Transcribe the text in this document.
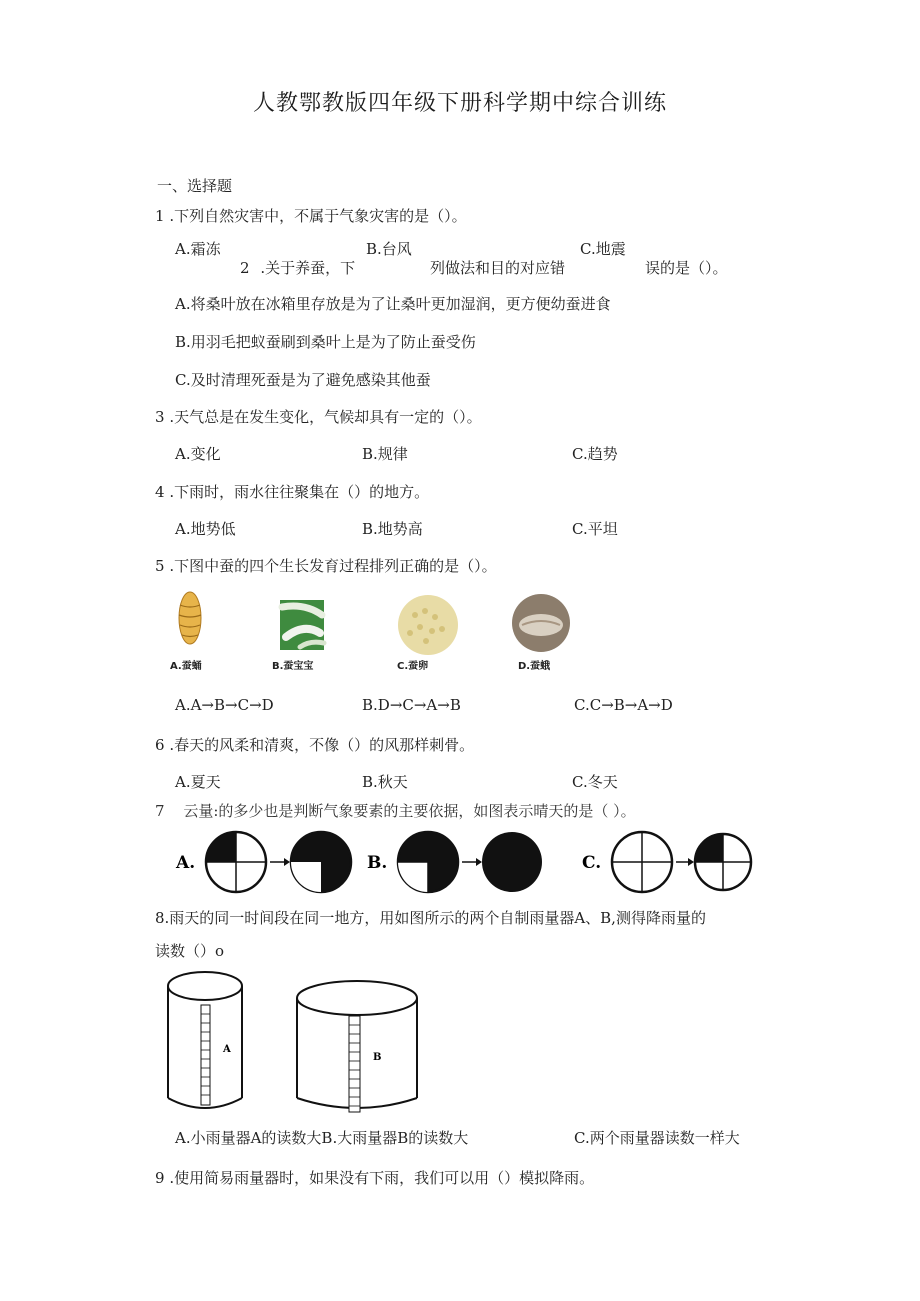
人教鄂教版四年级下册科学期中综合训练
一、选择题
1 .下列自然灾害中，不属于气象灾害的是（）。
A.霜冻	B.台风	C.地震
2 .关于养蚕，下	列做法和目的对应错	误的是（）。
A.将桑叶放在冰箱里存放是为了让桑叶更加湿润，更方便幼蚕进食
B.用羽毛把蚁蚕刷到桑叶上是为了防止蚕受伤
C.及时清理死蚕是为了避免感染其他蚕
3 .天气总是在发生变化，气候却具有一定的（）。
A.变化	B.规律	C.趋势
4 .下雨时，雨水往往聚集在（）的地方。
A.地势低	B.地势高	C.平坦
5 .下图中蚕的四个生长发育过程排列正确的是（）。
A.蚕蛹	B.蚕宝宝	C.蚕卵	D.蚕蛾
A.A→B→C→D	B.D→C→A→B	C.C→B→A→D
6 .春天的风柔和清爽，不像（）的风那样刺骨。
A.夏天	B.秋天	C.冬天
7 云量:的多少也是判断气象要素的主要依据，如图表示晴天的是（ ）。
A.	B.	C.
8.雨天的同一时间段在同一地方，用如图所示的两个自制雨量器A、B,测得降雨量的
读数（）o
A
B
A.小雨量器A的读数大B.大雨量器B的读数大	C.两个雨量器读数一样大
9 .使用简易雨量器时，如果没有下雨，我们可以用（）模拟降雨。
